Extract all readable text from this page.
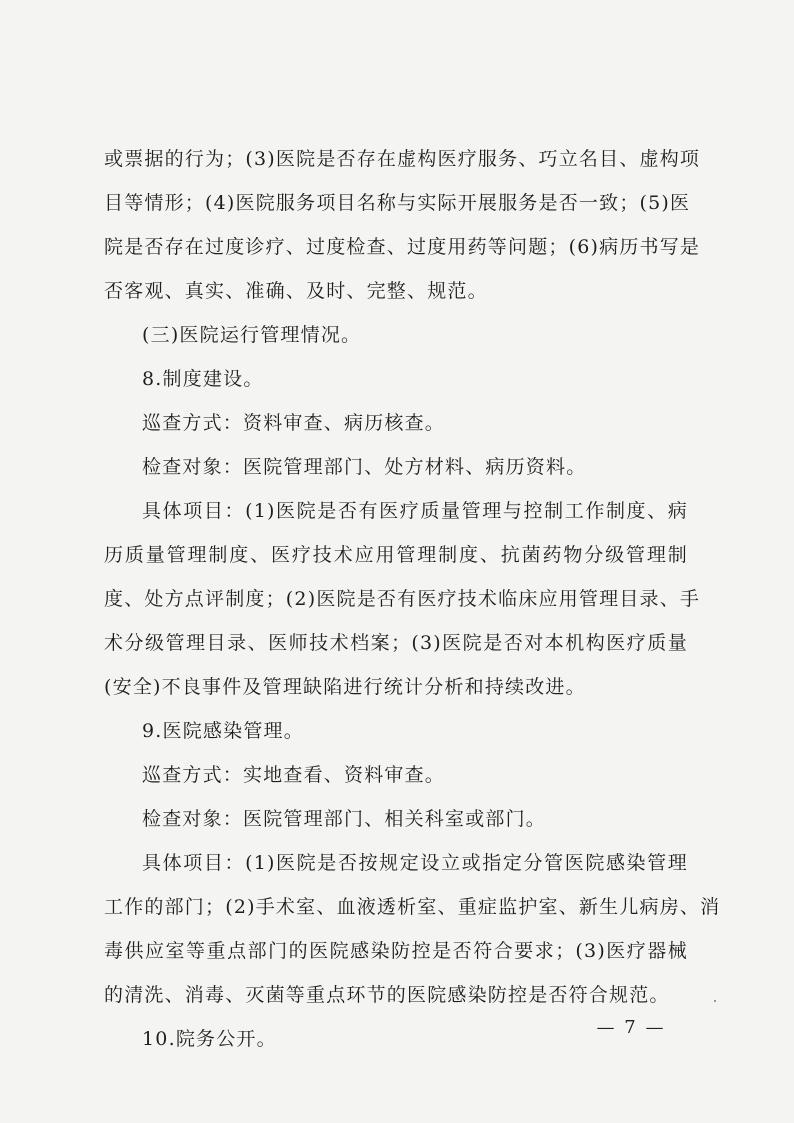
或票据的行为；(3)医院是否存在虚构医疗服务、巧立名目、虚构项
目等情形；(4)医院服务项目名称与实际开展服务是否一致；(5)医
院是否存在过度诊疗、过度检查、过度用药等问题；(6)病历书写是
否客观、真实、准确、及时、完整、规范。
(三)医院运行管理情况。
8.制度建设。
巡查方式：资料审查、病历核查。
检查对象：医院管理部门、处方材料、病历资料。
具体项目：(1)医院是否有医疗质量管理与控制工作制度、病
历质量管理制度、医疗技术应用管理制度、抗菌药物分级管理制
度、处方点评制度；(2)医院是否有医疗技术临床应用管理目录、手
术分级管理目录、医师技术档案；(3)医院是否对本机构医疗质量
(安全)不良事件及管理缺陷进行统计分析和持续改进。
9.医院感染管理。
巡查方式：实地查看、资料审查。
检查对象：医院管理部门、相关科室或部门。
具体项目：(1)医院是否按规定设立或指定分管医院感染管理
工作的部门；(2)手术室、血液透析室、重症监护室、新生儿病房、消
毒供应室等重点部门的医院感染防控是否符合要求；(3)医疗器械
的清洗、消毒、灭菌等重点环节的医院感染防控是否符合规范。
10.院务公开。
— 7 —
